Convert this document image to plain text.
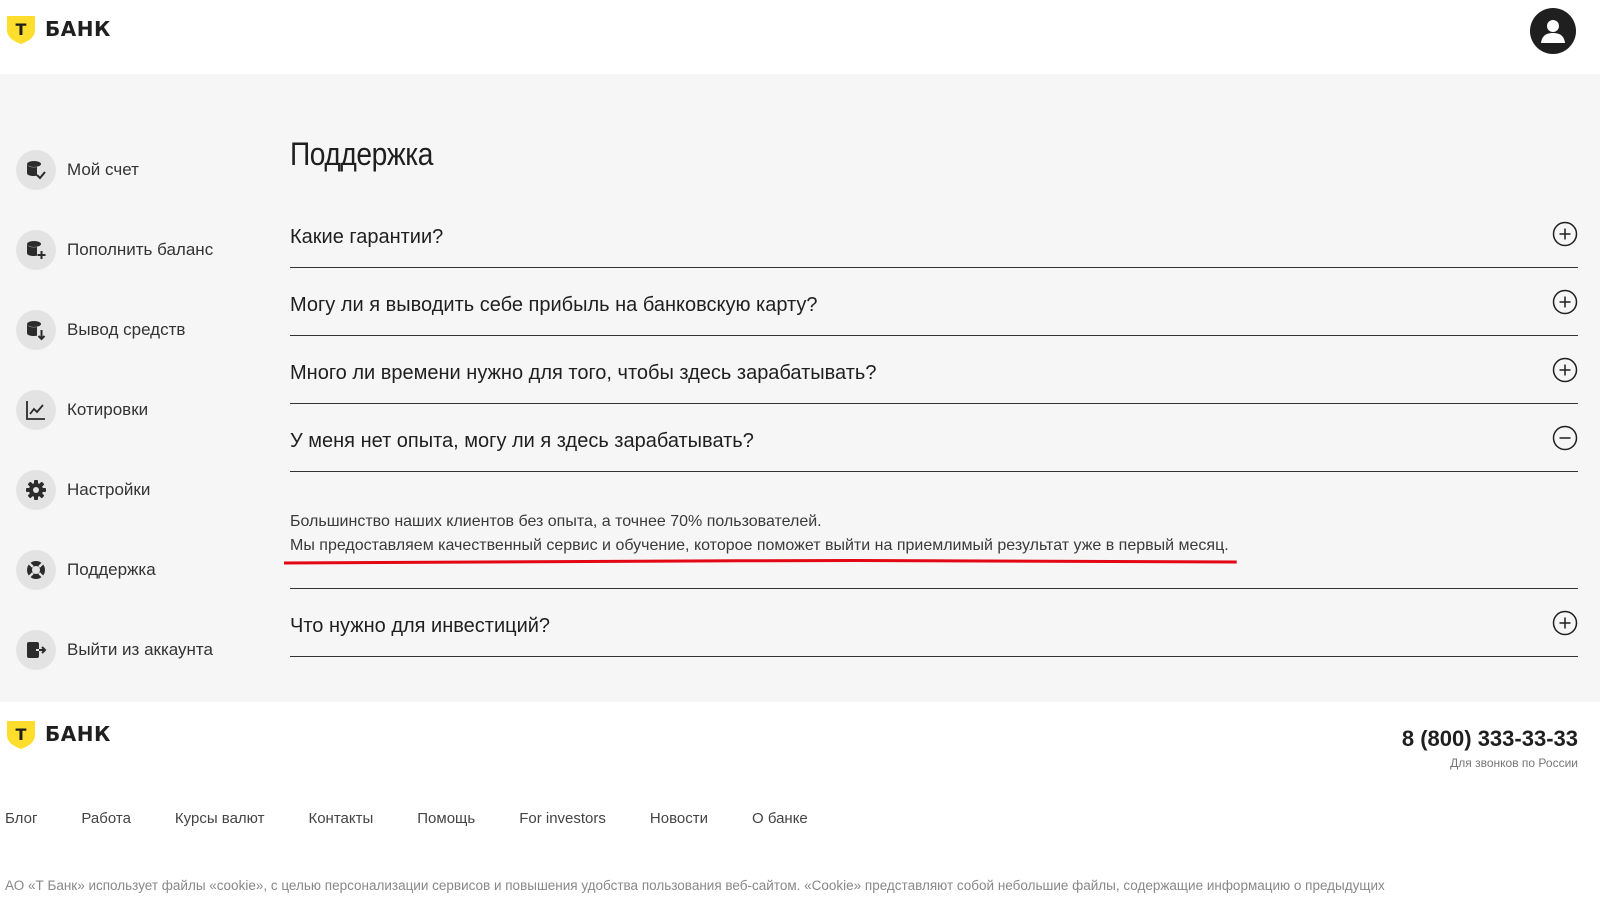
Т БАНК
Мой счет
Пополнить баланс
Вывод средств
Котировки
Настройки
Поддержка
Выйти из аккаунта
Поддержка
Какие гарантии?
Могу ли я выводить себе прибыль на банковскую карту?
Много ли времени нужно для того, чтобы здесь зарабатывать?
У меня нет опыта, могу ли я здесь зарабатывать?
Большинство наших клиентов без опыта, а точнее 70% пользователей.
Мы предоставляем качественный сервис и обучение, которое поможет выйти на приемлимый результат уже в первый месяц.
Что нужно для инвестиций?
Т БАНК	8 (800) 333-33-33
Для звонков по России
Блог	Работа	Курсы валют	Контакты	Помощь	For investors	Новости	О банке
АО «Т Банк» использует файлы «cookie», с целью персонализации сервисов и повышения удобства пользования веб-сайтом. «Cookie» представляют собой небольшие файлы, содержащие информацию о предыдущих
